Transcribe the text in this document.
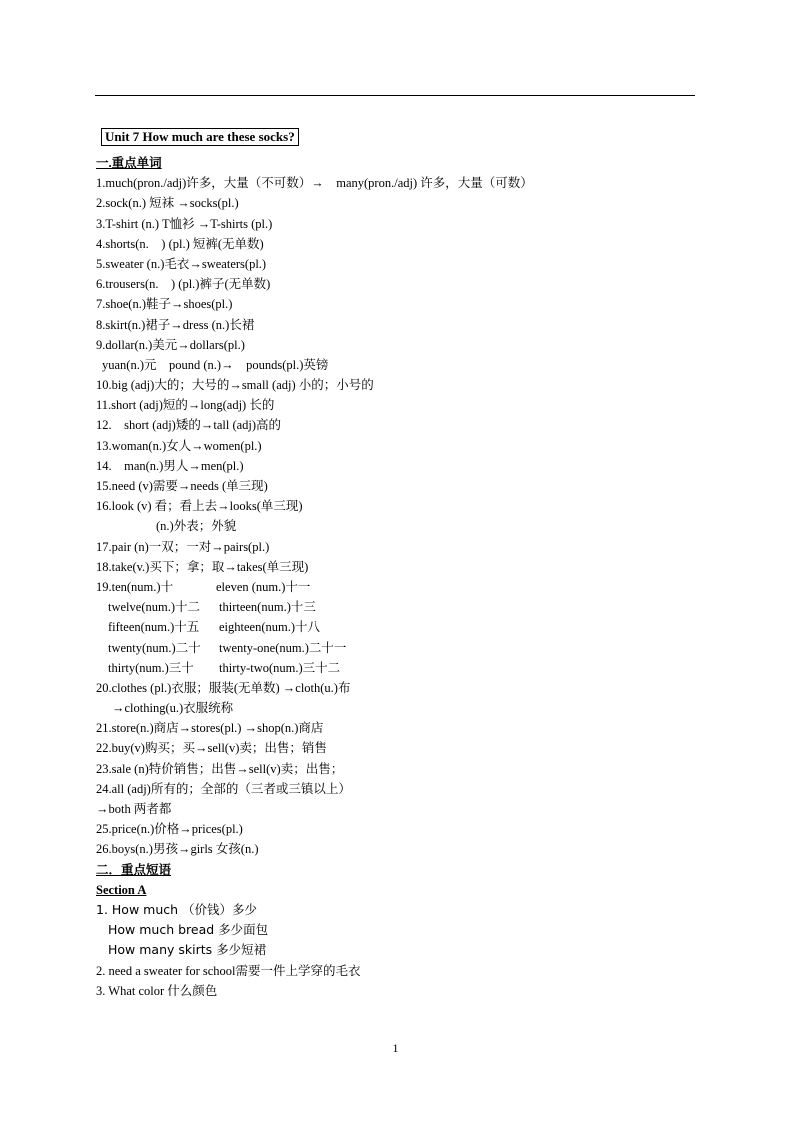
Unit 7 How much are these socks?
一.重点单词
1.much(pron./adj)许多，大量（不可数）→　many(pron./adj) 许多，大量（可数）
2.sock(n.) 短袜 →socks(pl.)
3.T-shirt (n.) T恤衫 →T-shirts (pl.)
4.shorts(n.　) (pl.) 短裤(无单数)
5.sweater (n.)毛衣→sweaters(pl.)
6.trousers(n.　) (pl.)裤子(无单数)
7.shoe(n.)鞋子→shoes(pl.)
8.skirt(n.)裙子→dress (n.)长裙
9.dollar(n.)美元→dollars(pl.)
yuan(n.)元　pound (n.)→　pounds(pl.)英镑
10.big (adj)大的；大号的→small (adj) 小的；小号的
11.short (adj)短的→long(adj) 长的
12.　short (adj)矮的→tall (adj)高的
13.woman(n.)女人→women(pl.)
14.　man(n.)男人→men(pl.)
15.need (v)需要→needs (单三现)
16.look (v) 看；看上去→looks(单三现)
(n.)外表；外貌
17.pair (n)一双；一对→pairs(pl.)
18.take(v.)买下；拿；取→takes(单三现)
19.ten(num.)十	eleven (num.)十一
twelve(num.)十二 thirteen(num.)十三
fifteen(num.)十五 eighteen(num.)十八
twenty(num.)二十 twenty-one(num.)二十一
thirty(num.)三十 thirty-two(num.)三十二
20.clothes (pl.)衣服；服装(无单数) →cloth(u.)布
→clothing(u.)衣服统称
21.store(n.)商店→stores(pl.) →shop(n.)商店
22.buy(v)购买；买→sell(v)卖；出售；销售
23.sale (n)特价销售；出售→sell(v)卖；出售；
24.all (adj)所有的；全部的（三者或三镇以上）
→both 两者都
25.price(n.)价格→prices(pl.)
26.boys(n.)男孩→girls 女孩(n.)
二．重点短语
Section A
1. How much （价钱）多少
How much bread 多少面包
How many skirts 多少短裙
2. need a sweater for school需要一件上学穿的毛衣
3. What color 什么颜色
1
